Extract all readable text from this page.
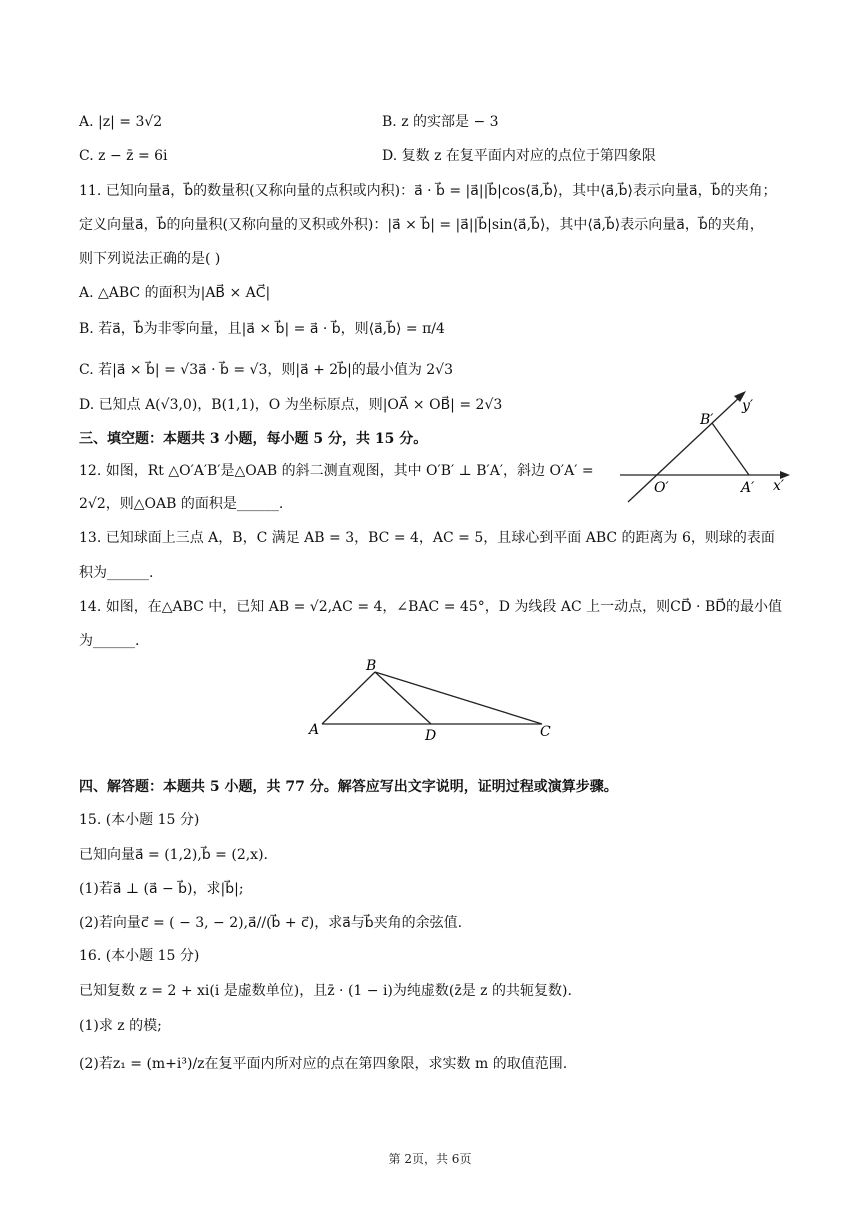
A. |z| = 3√2	B. z 的实部是 − 3
C. z − z̄ = 6i	D. 复数 z 在复平面内对应的点位于第四象限
11. 已知向量a⃗，b⃗的数量积(又称向量的点积或内积)：a⃗ · b⃗ = |a⃗||b⃗|cos⟨a⃗,b⃗⟩，其中⟨a⃗,b⃗⟩表示向量a⃗，b⃗的夹角；
定义向量a⃗，b⃗的向量积(又称向量的叉积或外积)：|a⃗ × b⃗| = |a⃗||b⃗|sin⟨a⃗,b⃗⟩，其中⟨a⃗,b⃗⟩表示向量a⃗，b⃗的夹角，
则下列说法正确的是( )
A. △ABC 的面积为|AB⃗ × AC⃗|
B. 若a⃗，b⃗为非零向量，且|a⃗ × b⃗| = a⃗ · b⃗，则⟨a⃗,b⃗⟩ = π/4
C. 若|a⃗ × b⃗| = √3a⃗ · b⃗ = √3，则|a⃗ + 2b⃗|的最小值为 2√3
D. 已知点 A(√3,0)，B(1,1)，O 为坐标原点，则|OA⃗ × OB⃗| = 2√3
三、填空题：本题共 3 小题，每小题 5 分，共 15 分。
12. 如图，Rt △O′A′B′是△OAB 的斜二测直观图，其中 O′B′ ⊥ B′A′，斜边 O′A′ =
2√2，则△OAB 的面积是______.
y′
x′
B′
O′	A′
13. 已知球面上三点 A，B，C 满足 AB = 3，BC = 4，AC = 5，且球心到平面 ABC 的距离为 6，则球的表面
积为______.
14. 如图，在△ABC 中，已知 AB = √2,AC = 4，∠BAC = 45°，D 为线段 AC 上一动点，则CD⃗ · BD⃗的最小值
为______.
A
B
C
D
四、解答题：本题共 5 小题，共 77 分。解答应写出文字说明，证明过程或演算步骤。
15. (本小题 15 分)
已知向量a⃗ = (1,2),b⃗ = (2,x).
(1)若a⃗ ⊥ (a⃗ − b⃗)，求|b⃗|;
(2)若向量c⃗ = ( − 3, − 2),a⃗//(b⃗ + c⃗)，求a⃗与b⃗夹角的余弦值.
16. (本小题 15 分)
已知复数 z = 2 + xi(i 是虚数单位)，且z̄ · (1 − i)为纯虚数(z̄是 z 的共轭复数).
(1)求 z 的模;
(2)若z₁ = (m+i³)/z在复平面内所对应的点在第四象限，求实数 m 的取值范围.
第 2页，共 6页
